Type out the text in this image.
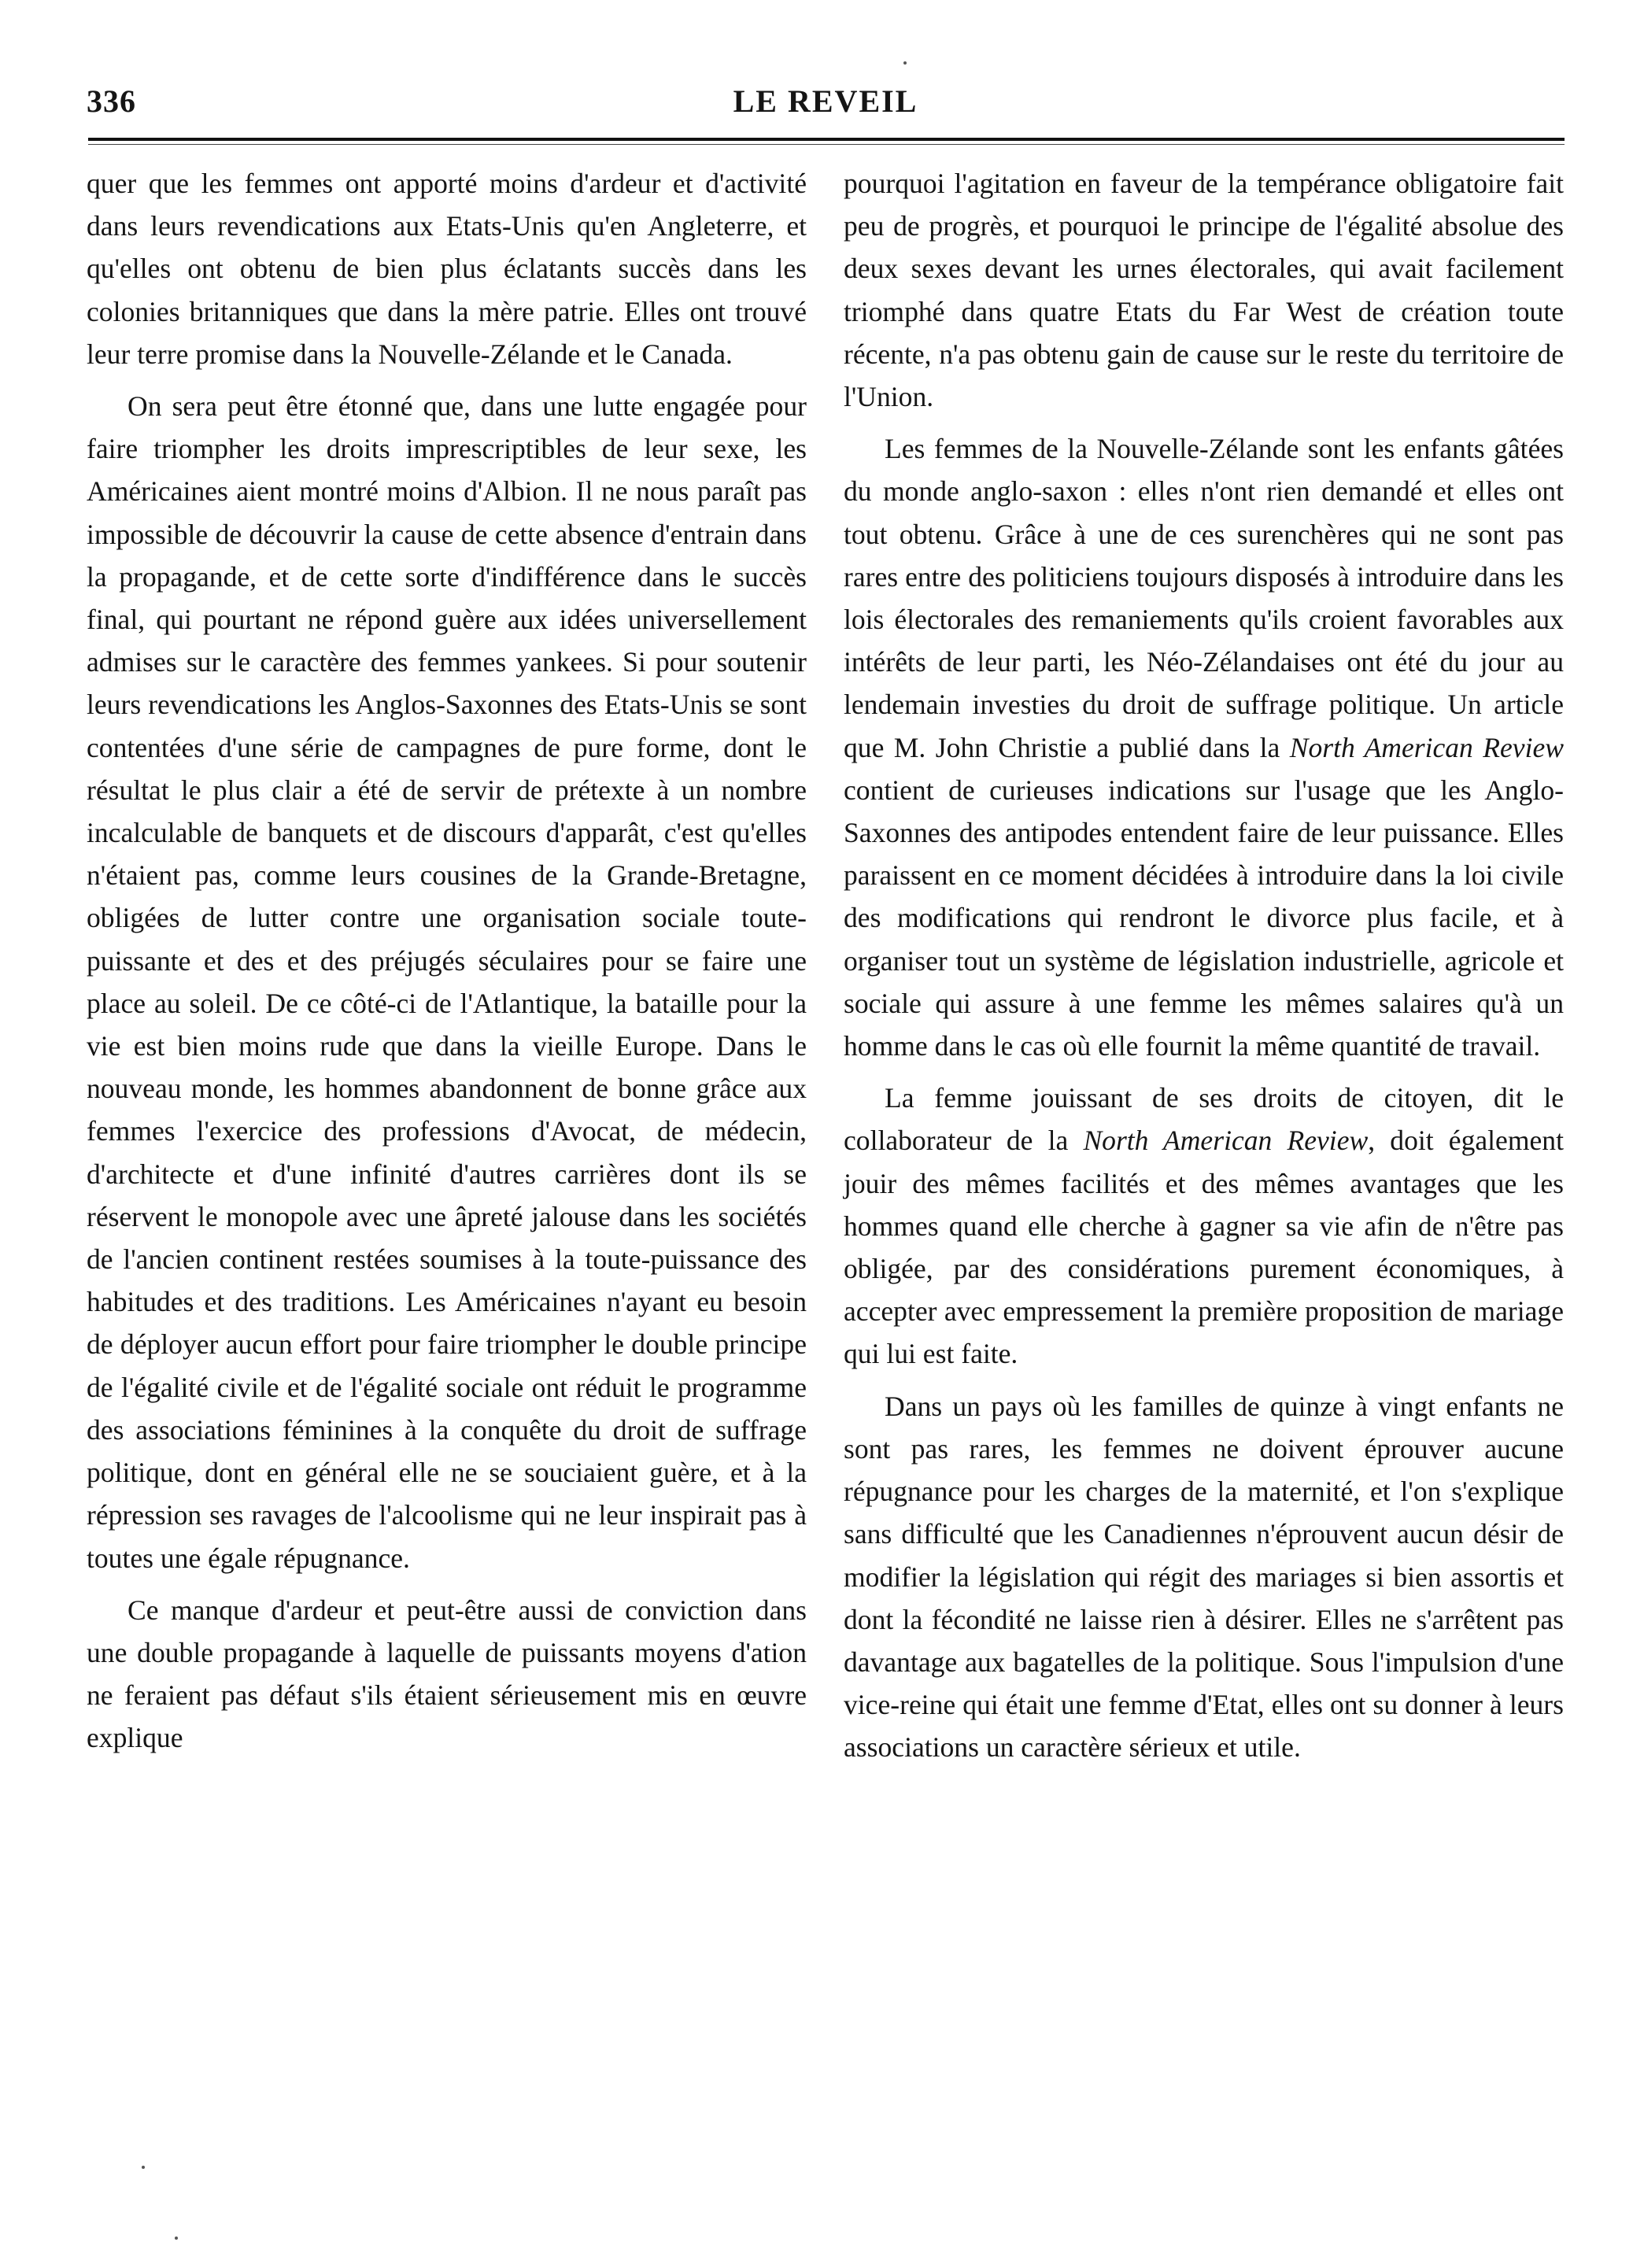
336	LE REVEIL

quer que les femmes ont apporté moins d'ardeur et d'activité dans leurs revendications aux Etats-Unis qu'en Angleterre, et qu'elles ont obtenu de bien plus éclatants succès dans les colonies britanniques que dans la mère patrie. Elles ont trouvé leur terre promise dans la Nouvelle-Zélande et le Canada.

On sera peut être étonné que, dans une lutte engagée pour faire triompher les droits imprescriptibles de leur sexe, les Américaines aient montré moins d'Albion. Il ne nous paraît pas impossible de découvrir la cause de cette absence d'entrain dans la propagande, et de cette sorte d'indifférence dans le succès final, qui pourtant ne répond guère aux idées universellement admises sur le caractère des femmes yankees. Si pour soutenir leurs revendications les Anglos-Saxonnes des Etats-Unis se sont contentées d'une série de campagnes de pure forme, dont le résultat le plus clair a été de servir de prétexte à un nombre incalculable de banquets et de discours d'apparât, c'est qu'elles n'étaient pas, comme leurs cousines de la Grande-Bretagne, obligées de lutter contre une organisation sociale toute-puissante et des et des préjugés séculaires pour se faire une place au soleil. De ce côté-ci de l'Atlantique, la bataille pour la vie est bien moins rude que dans la vieille Europe. Dans le nouveau monde, les hommes abandonnent de bonne grâce aux femmes l'exercice des professions d'Avocat, de médecin, d'architecte et d'une infinité d'autres carrières dont ils se réservent le monopole avec une âpreté jalouse dans les sociétés de l'ancien continent restées soumises à la toute-puissance des habitudes et des traditions. Les Américaines n'ayant eu besoin de déployer aucun effort pour faire triompher le double principe de l'égalité civile et de l'égalité sociale ont réduit le programme des associations féminines à la conquête du droit de suffrage politique, dont en général elle ne se souciaient guère, et à la répression ses ravages de l'alcoolisme qui ne leur inspirait pas à toutes une égale répugnance.

Ce manque d'ardeur et peut-être aussi de conviction dans une double propagande à laquelle de puissants moyens d'ation ne feraient pas défaut s'ils étaient sérieusement mis en œuvre explique

pourquoi l'agitation en faveur de la tempérance obligatoire fait peu de progrès, et pourquoi le principe de l'égalité absolue des deux sexes devant les urnes électorales, qui avait facilement triomphé dans quatre Etats du Far West de création toute récente, n'a pas obtenu gain de cause sur le reste du territoire de l'Union.

Les femmes de la Nouvelle-Zélande sont les enfants gâtées du monde anglo-saxon : elles n'ont rien demandé et elles ont tout obtenu. Grâce à une de ces surenchères qui ne sont pas rares entre des politiciens toujours disposés à introduire dans les lois électorales des remaniements qu'ils croient favorables aux intérêts de leur parti, les Néo-Zélandaises ont été du jour au lendemain investies du droit de suffrage politique. Un article que M. John Christie a publié dans la North American Review contient de curieuses indications sur l'usage que les Anglo-Saxonnes des antipodes entendent faire de leur puissance. Elles paraissent en ce moment décidées à introduire dans la loi civile des modifications qui rendront le divorce plus facile, et à organiser tout un système de législation industrielle, agricole et sociale qui assure à une femme les mêmes salaires qu'à un homme dans le cas où elle fournit la même quantité de travail.

La femme jouissant de ses droits de citoyen, dit le collaborateur de la North American Review, doit également jouir des mêmes facilités et des mêmes avantages que les hommes quand elle cherche à gagner sa vie afin de n'être pas obligée, par des considérations purement économiques, à accepter avec empressement la première proposition de mariage qui lui est faite.

Dans un pays où les familles de quinze à vingt enfants ne sont pas rares, les femmes ne doivent éprouver aucune répugnance pour les charges de la maternité, et l'on s'explique sans difficulté que les Canadiennes n'éprouvent aucun désir de modifier la législation qui régit des mariages si bien assortis et dont la fécondité ne laisse rien à désirer. Elles ne s'arrêtent pas davantage aux bagatelles de la politique. Sous l'impulsion d'une vice-reine qui était une femme d'Etat, elles ont su donner à leurs associations un caractère sérieux et utile.
